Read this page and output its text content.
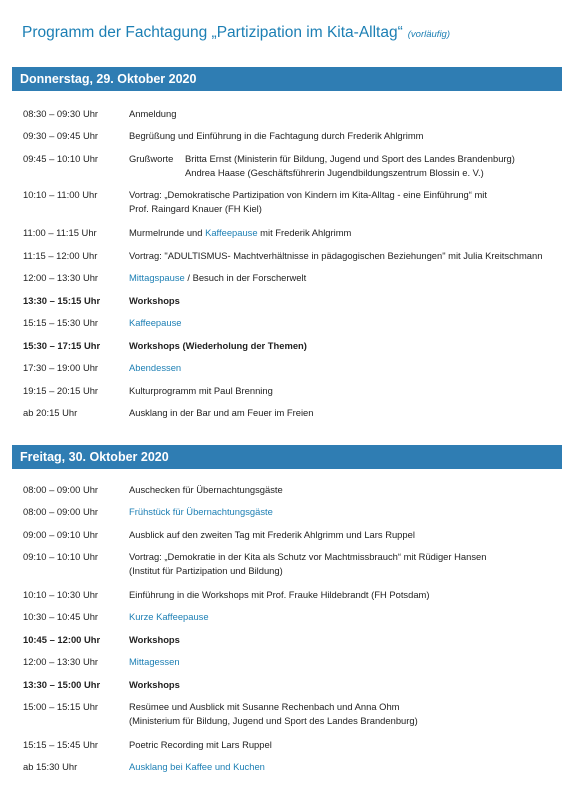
Programm der Fachtagung „Partizipation im Kita-Alltag“ (vorläufig)
Donnerstag, 29. Oktober 2020
08:30 – 09:30 Uhr	Anmeldung
09:30 – 09:45 Uhr	Begrüßung und Einführung in die Fachtagung durch Frederik Ahlgrimm
09:45 – 10:10 Uhr	Grußworte Britta Ernst (Ministerin für Bildung, Jugend und Sport des Landes Brandenburg)
Andrea Haase (Geschäftsführerin Jugendbildungszentrum Blossin e. V.)
10:10 – 11:00 Uhr	Vortrag: „Demokratische Partizipation von Kindern im Kita-Alltag - eine Einführung“ mit
Prof. Raingard Knauer (FH Kiel)
11:00 – 11:15 Uhr	Murmelrunde und Kaffeepause mit Frederik Ahlgrimm
11:15 – 12:00 Uhr	Vortrag: "ADULTISMUS- Machtverhältnisse in pädagogischen Beziehungen" mit Julia Kreitschmann
12:00 – 13:30 Uhr	Mittagspause / Besuch in der Forscherwelt
13:30 – 15:15 Uhr	Workshops
15:15 – 15:30 Uhr	Kaffeepause
15:30 – 17:15 Uhr	Workshops (Wiederholung der Themen)
17:30 – 19:00 Uhr	Abendessen
19:15 – 20:15 Uhr	Kulturprogramm mit Paul Brenning
ab 20:15 Uhr	Ausklang in der Bar und am Feuer im Freien
Freitag, 30. Oktober 2020
08:00 – 09:00 Uhr	Auschecken für Übernachtungsgäste
08:00 – 09:00 Uhr	Frühstück für Übernachtungsgäste
09:00 – 09:10 Uhr	Ausblick auf den zweiten Tag mit Frederik Ahlgrimm und Lars Ruppel
09:10 – 10:10 Uhr	Vortrag: „Demokratie in der Kita als Schutz vor Machtmissbrauch“ mit Rüdiger Hansen
(Institut für Partizipation und Bildung)
10:10 – 10:30 Uhr	Einführung in die Workshops mit Prof. Frauke Hildebrandt (FH Potsdam)
10:30 – 10:45 Uhr	Kurze Kaffeepause
10:45 – 12:00 Uhr	Workshops
12:00 – 13:30 Uhr	Mittagessen
13:30 – 15:00 Uhr	Workshops
15:00 – 15:15 Uhr	Resümee und Ausblick mit Susanne Rechenbach und Anna Ohm
(Ministerium für Bildung, Jugend und Sport des Landes Brandenburg)
15:15 – 15:45 Uhr	Poetric Recording mit Lars Ruppel
ab 15:30 Uhr	Ausklang bei Kaffee und Kuchen
